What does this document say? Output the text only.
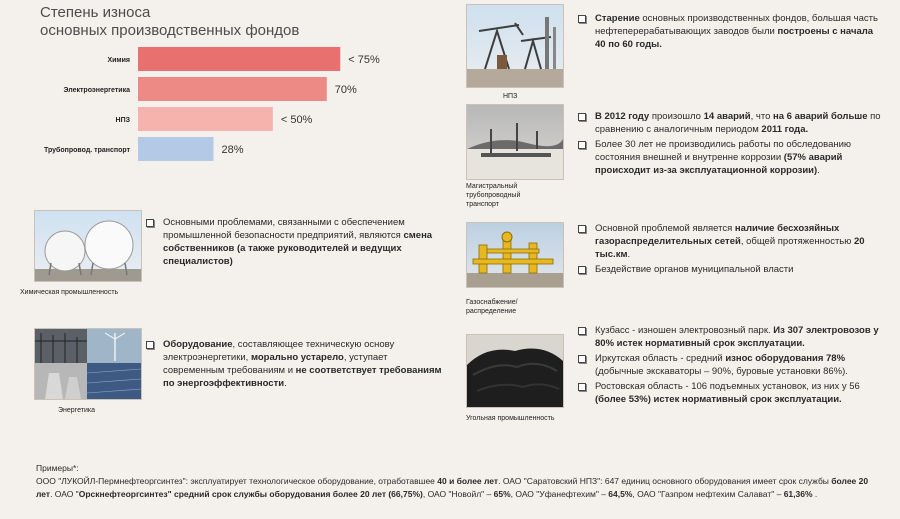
Степень износа
основных производственных фондов
Химия	< 75%
Электроэнергетика	70%
НПЗ	< 50%
Трубопровод. транспорт	28%
НПЗ
Старение основных производственных фондов, большая часть нефтеперерабатывающих заводов были построены с начала 40 по 60 годы.
Магистральный
трубопроводный
транспорт
В 2012 году произошло 14 аварий, что на 6 аварий больше по сравнению с аналогичным периодом 2011 года.
Более 30 лет не производились работы по обследованию состояния внешней и внутренне коррозии (57% аварий происходит из-за эксплуатационной коррозии).
Химическая промышленность
Основными проблемами, связанными с обеспечением промышленной безопасности предприятий, являются смена собственников (а также руководителей и ведущих специалистов)
Газоснабжение/
распределение
Основной проблемой является наличие бесхозяйных газораспределительных сетей, общей протяженностью 20 тыс.км.
Бездействие органов муниципальной власти
Энергетика
Оборудование, составляющее техническую основу электроэнергетики, морально устарело, уступает современным требованиям и не соответствует требованиям по энергоэффективности.
Угольная промышленность
Кузбасс - изношен электровозный парк. Из 307 электровозов у 80% истек нормативный срок эксплуатации.
Иркутская область - средний износ оборудования 78% (добычные экскаваторы – 90%, буровые установки 86%).
Ростовская область - 106 подъемных установок, из них у 56 (более 53%) истек нормативный срок эксплуатации.
Примеры*:
ООО "ЛУКОЙЛ-Пермнефтеоргсинтез": эксплуатирует технологическое оборудование, отработавшее 40 и более лет. ОАО "Саратовский НПЗ": 647 единиц основного оборудования имеет срок службы более 20 лет. ОАО "Орскнефтеоргсинтез" средний срок службы оборудования более 20 лет (66,75%), ОАО "Новойл" – 65%, ОАО "Уфанефтехим" – 64,5%, ОАО "Газпром нефтехим Салават" – 61,36% .
